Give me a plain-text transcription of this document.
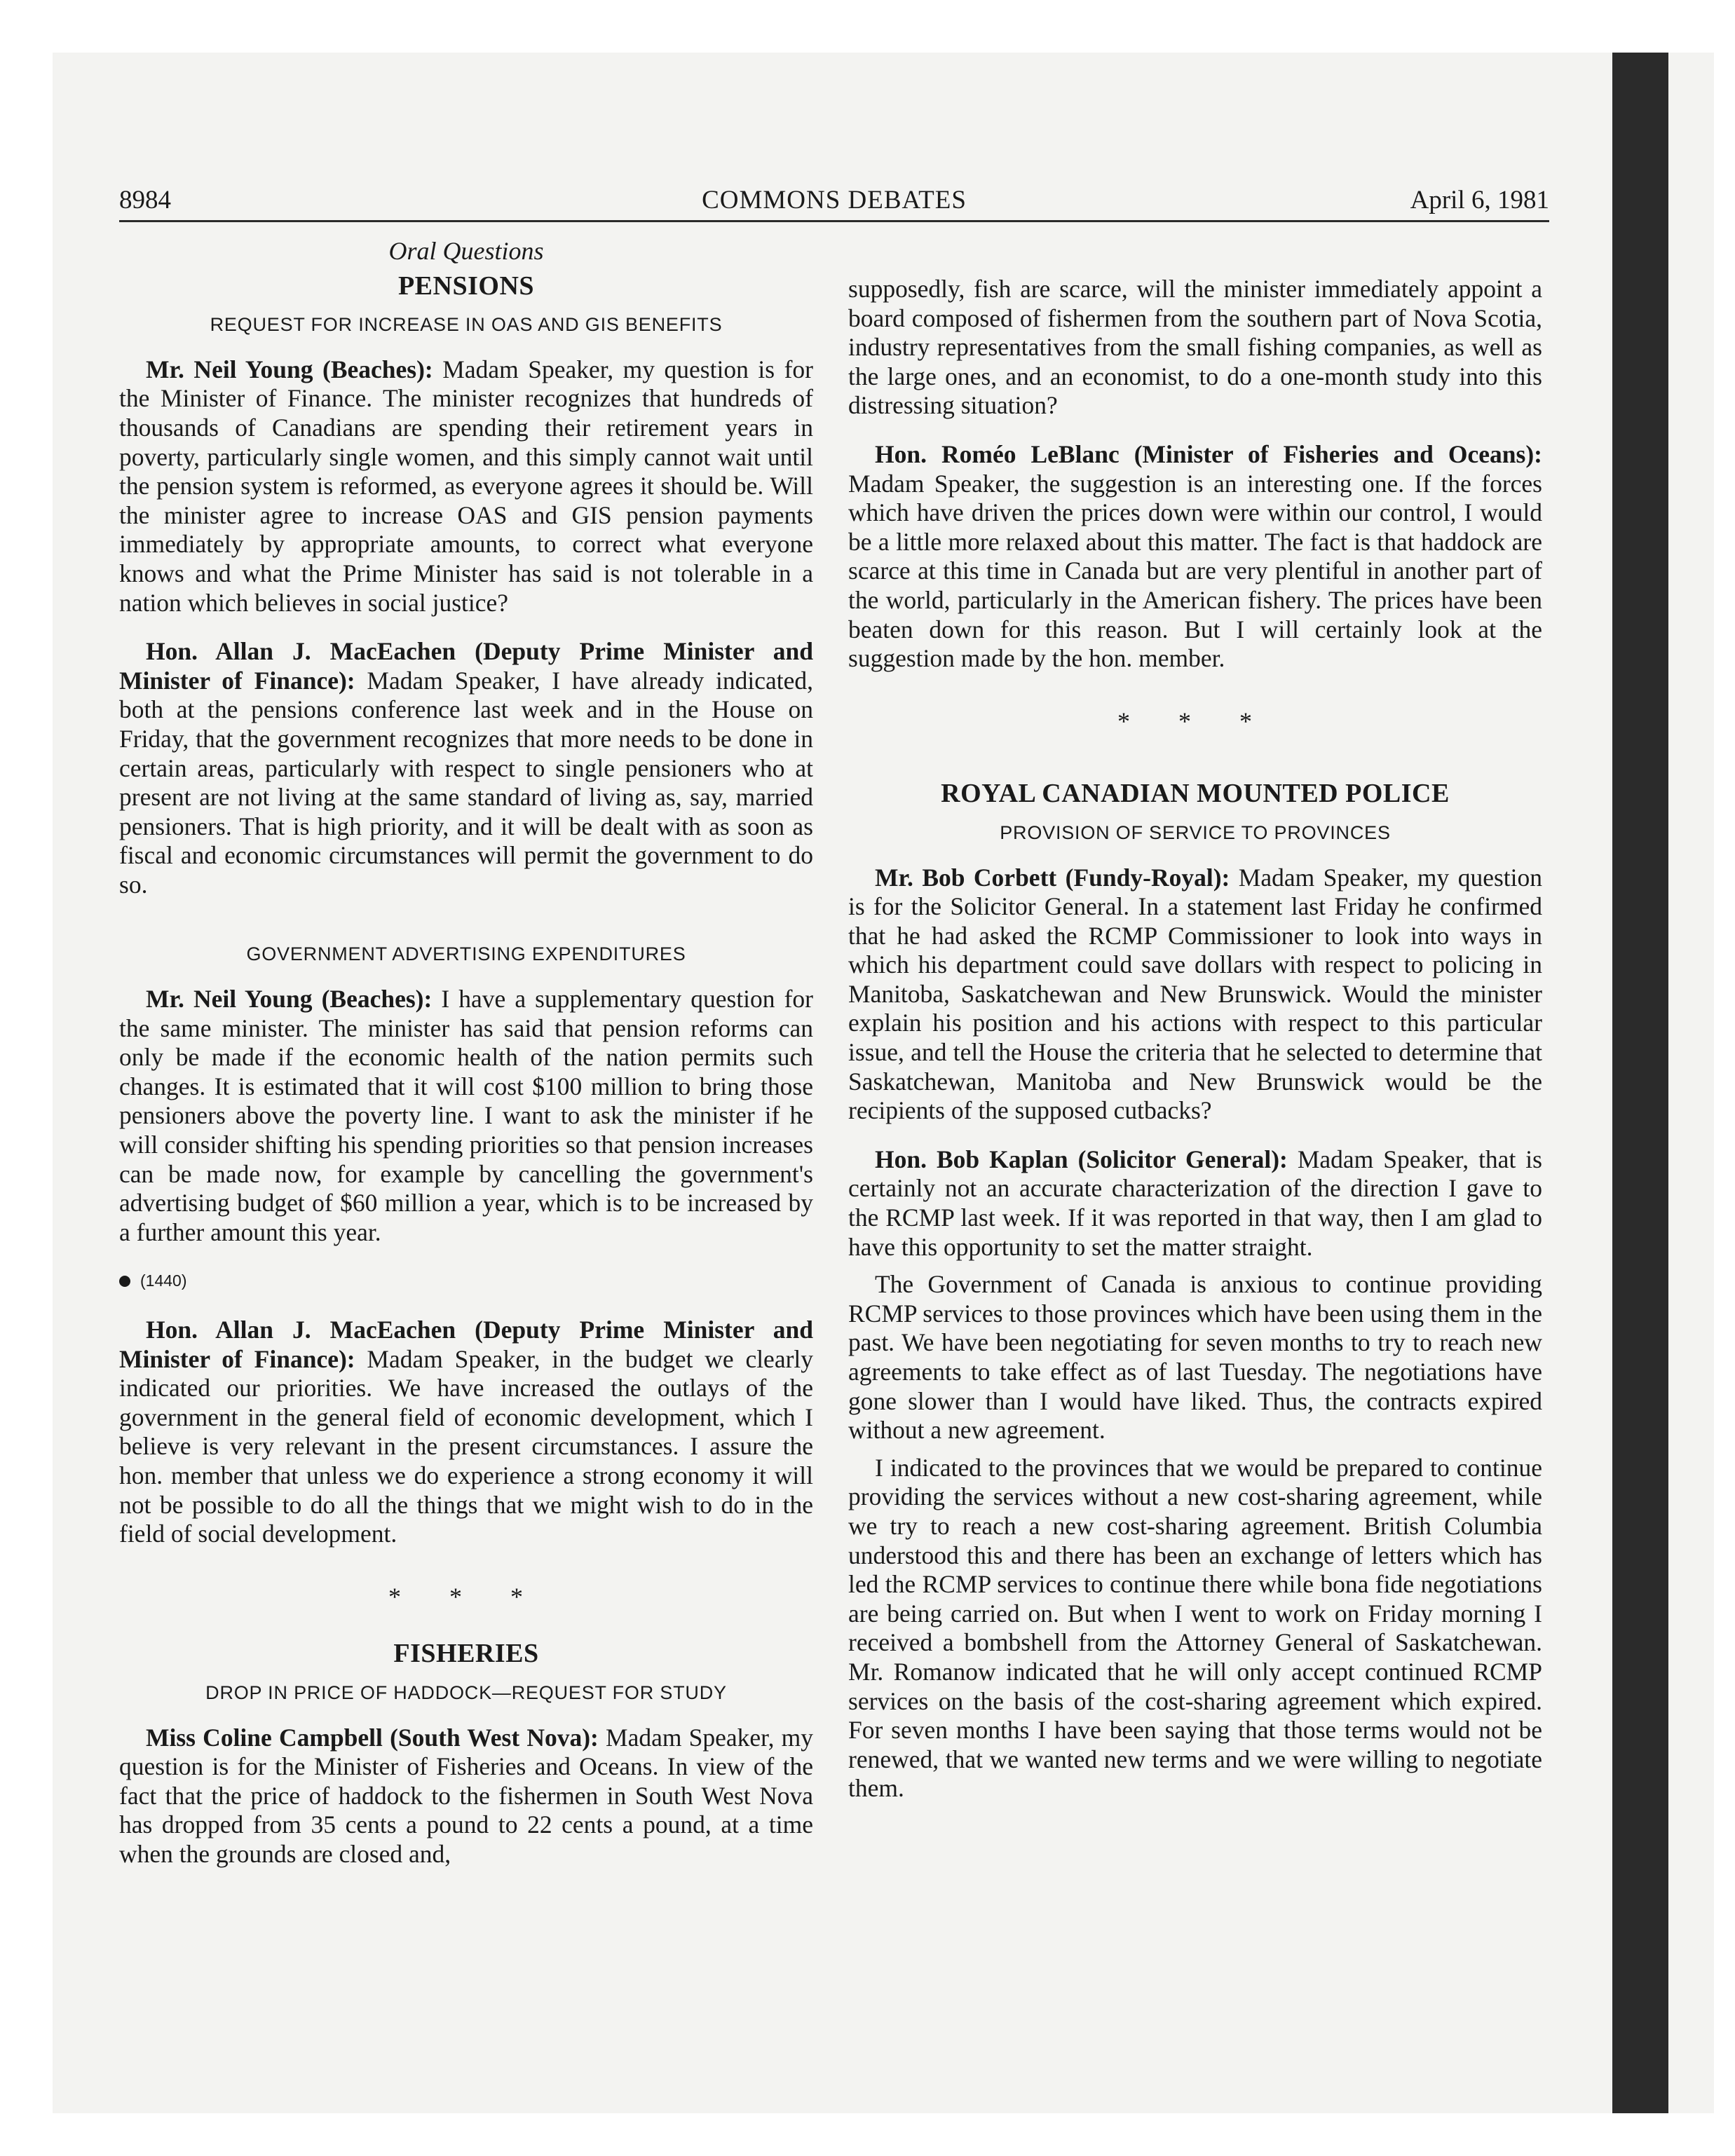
8984	COMMONS DEBATES	April 6, 1981
Oral Questions
PENSIONS
REQUEST FOR INCREASE IN OAS AND GIS BENEFITS

Mr. Neil Young (Beaches): Madam Speaker, my question is for the Minister of Finance. The minister recognizes that hundreds of thousands of Canadians are spending their retirement years in poverty, particularly single women, and this simply cannot wait until the pension system is reformed, as everyone agrees it should be. Will the minister agree to increase OAS and GIS pension payments immediately by appropriate amounts, to correct what everyone knows and what the Prime Minister has said is not tolerable in a nation which believes in social justice?

Hon. Allan J. MacEachen (Deputy Prime Minister and Minister of Finance): Madam Speaker, I have already indicated, both at the pensions conference last week and in the House on Friday, that the government recognizes that more needs to be done in certain areas, particularly with respect to single pensioners who at present are not living at the same standard of living as, say, married pensioners. That is high priority, and it will be dealt with as soon as fiscal and economic circumstances will permit the government to do so.

GOVERNMENT ADVERTISING EXPENDITURES

Mr. Neil Young (Beaches): I have a supplementary question for the same minister. The minister has said that pension reforms can only be made if the economic health of the nation permits such changes. It is estimated that it will cost $100 million to bring those pensioners above the poverty line. I want to ask the minister if he will consider shifting his spending priorities so that pension increases can be made now, for example by cancelling the government's advertising budget of $60 million a year, which is to be increased by a further amount this year.

(1440)

Hon. Allan J. MacEachen (Deputy Prime Minister and Minister of Finance): Madam Speaker, in the budget we clearly indicated our priorities. We have increased the outlays of the government in the general field of economic development, which I believe is very relevant in the present circumstances. I assure the hon. member that unless we do experience a strong economy it will not be possible to do all the things that we might wish to do in the field of social development.

* * *
FISHERIES
DROP IN PRICE OF HADDOCK—REQUEST FOR STUDY

Miss Coline Campbell (South West Nova): Madam Speaker, my question is for the Minister of Fisheries and Oceans. In view of the fact that the price of haddock to the fishermen in South West Nova has dropped from 35 cents a pound to 22 cents a pound, at a time when the grounds are closed and,

supposedly, fish are scarce, will the minister immediately appoint a board composed of fishermen from the southern part of Nova Scotia, industry representatives from the small fishing companies, as well as the large ones, and an economist, to do a one-month study into this distressing situation?

Hon. Roméo LeBlanc (Minister of Fisheries and Oceans): Madam Speaker, the suggestion is an interesting one. If the forces which have driven the prices down were within our control, I would be a little more relaxed about this matter. The fact is that haddock are scarce at this time in Canada but are very plentiful in another part of the world, particularly in the American fishery. The prices have been beaten down for this reason. But I will certainly look at the suggestion made by the hon. member.

* * *
ROYAL CANADIAN MOUNTED POLICE
PROVISION OF SERVICE TO PROVINCES

Mr. Bob Corbett (Fundy-Royal): Madam Speaker, my question is for the Solicitor General. In a statement last Friday he confirmed that he had asked the RCMP Commissioner to look into ways in which his department could save dollars with respect to policing in Manitoba, Saskatchewan and New Brunswick. Would the minister explain his position and his actions with respect to this particular issue, and tell the House the criteria that he selected to determine that Saskatchewan, Manitoba and New Brunswick would be the recipients of the supposed cutbacks?

Hon. Bob Kaplan (Solicitor General): Madam Speaker, that is certainly not an accurate characterization of the direction I gave to the RCMP last week. If it was reported in that way, then I am glad to have this opportunity to set the matter straight.

The Government of Canada is anxious to continue providing RCMP services to those provinces which have been using them in the past. We have been negotiating for seven months to try to reach new agreements to take effect as of last Tuesday. The negotiations have gone slower than I would have liked. Thus, the contracts expired without a new agreement.

I indicated to the provinces that we would be prepared to continue providing the services without a new cost-sharing agreement, while we try to reach a new cost-sharing agreement. British Columbia understood this and there has been an exchange of letters which has led the RCMP services to continue there while bona fide negotiations are being carried on. But when I went to work on Friday morning I received a bombshell from the Attorney General of Saskatchewan. Mr. Romanow indicated that he will only accept continued RCMP services on the basis of the cost-sharing agreement which expired. For seven months I have been saying that those terms would not be renewed, that we wanted new terms and we were willing to negotiate them.
